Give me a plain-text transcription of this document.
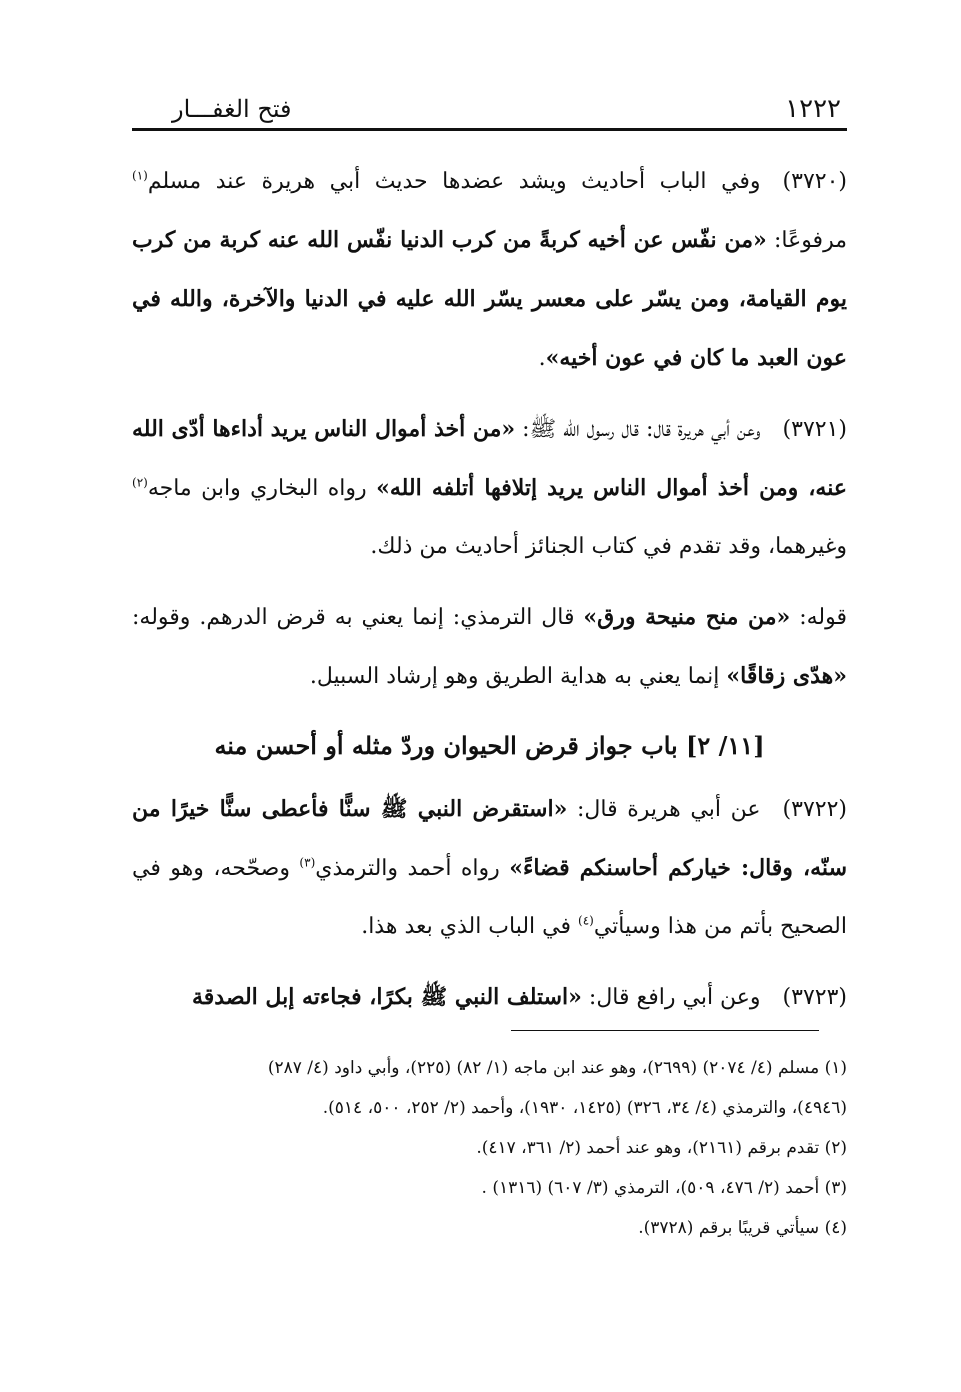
١٢٢٢
فتح الغفـــار

(٣٧٢٠)وفي الباب أحاديث ويشد عضدها حديث أبي هريرة عند مسلم$^{(١)}$ مرفوعًا: «من نفّس عن أخيه كربةً من كرب الدنيا نفّس الله عنه كربة من كرب يوم القيامة، ومن يسّر على معسر يسّر الله عليه في الدنيا والآخرة، والله في عون العبد ما كان في عون أخيه».

(٣٧٢١)وعن أبي هريرة قال: قال رسول الله ﷺ: «من أخذ أموال الناس يريد أداءها أدّى الله عنه، ومن أخذ أموال الناس يريد إتلافها أتلفه الله» رواه البخاري وابن ماجه$^{(٢)}$ وغيرهما، وقد تقدم في كتاب الجنائز أحاديث من ذلك.

قوله: «من منح منيحة ورق» قال الترمذي: إنما يعني به قرض الدرهم. وقوله: «هدّى زقاقًا» إنما يعني به هداية الطريق وهو إرشاد السبيل.

[١١/ ٢] باب جواز قرض الحيوان وردّ مثله أو أحسن منه

(٣٧٢٢)عن أبي هريرة قال: «استقرض النبي ﷺ سنًّا فأعطى سنًّا خيرًا من سنّه، وقال: خياركم أحاسنكم قضاءً» رواه أحمد والترمذي$^{(٣)}$ وصحّحه، وهو في الصحيح بأتم من هذا وسيأتي$^{(٤)}$ في الباب الذي بعد هذا.

(٣٧٢٣)وعن أبي رافع قال: «استلف النبي ﷺ بكرًا، فجاءته إبل الصدقة

(١) مسلم (٤/ ٢٠٧٤) (٢٦٩٩)، وهو عند ابن ماجه (١/ ٨٢) (٢٢٥)، وأبي داود (٤/ ٢٨٧)

(٤٩٤٦)، والترمذي (٤/ ٣٤، ٣٢٦) (١٤٢٥، ١٩٣٠)، وأحمد (٢/ ٢٥٢، ٥٠٠، ٥١٤).

(٢) تقدم برقم (٢١٦١)، وهو عند أحمد (٢/ ٣٦١، ٤١٧).

(٣) أحمد (٢/ ٤٧٦، ٥٠٩)، الترمذي (٣/ ٦٠٧) (١٣١٦) .

(٤) سيأتي قريبًا برقم (٣٧٢٨).
